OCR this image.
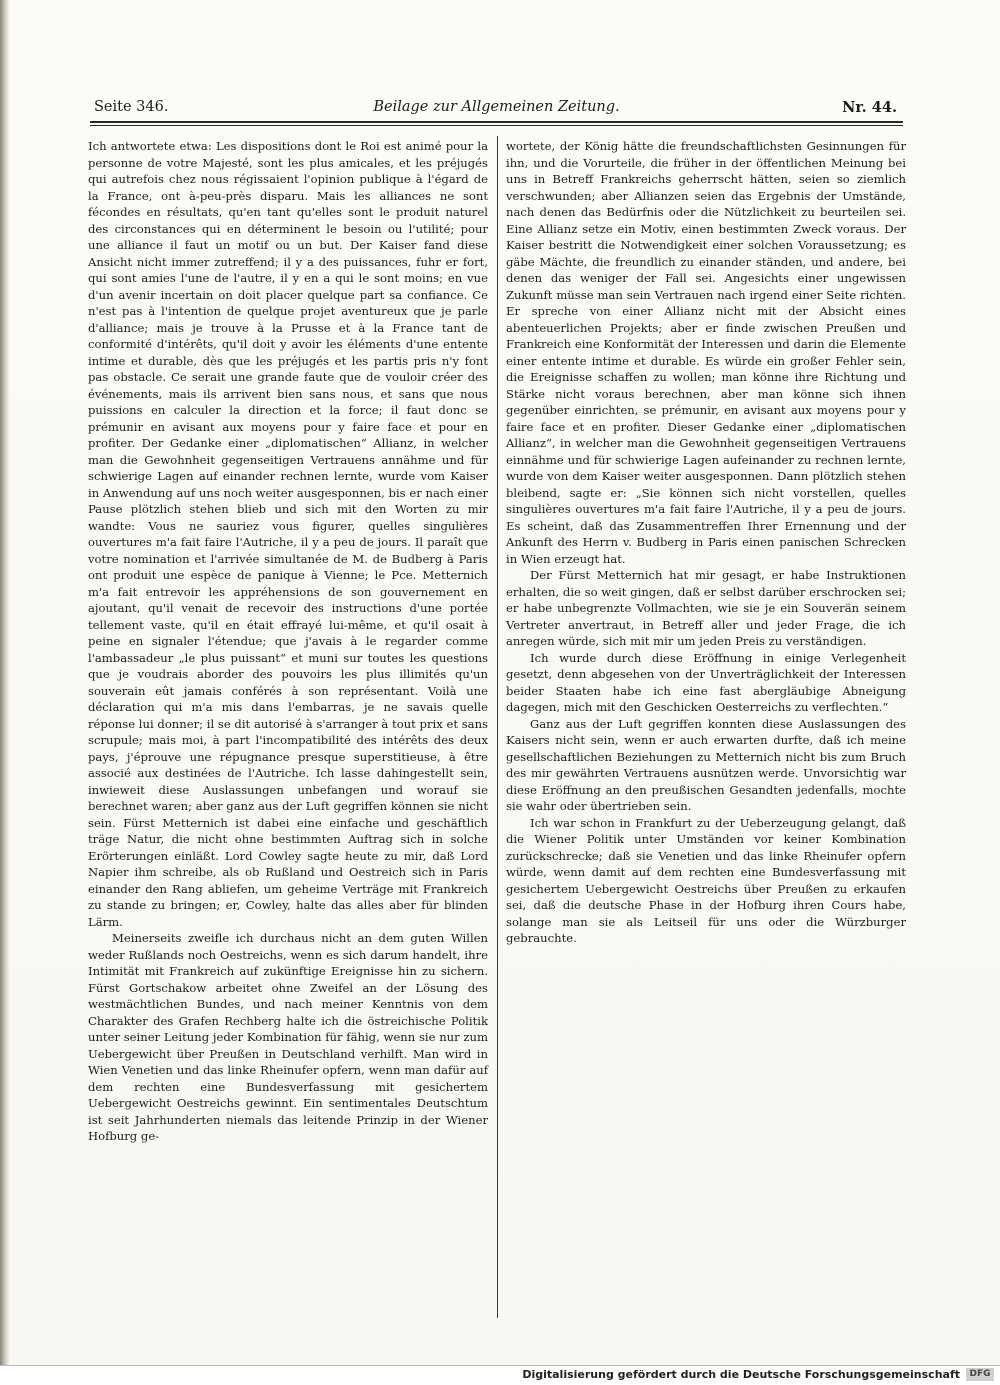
Seite 346.	Beilage zur Allgemeinen Zeitung.	Nr. 44.

Ich antwortete etwa: Les dispositions dont le Roi est animé pour la personne de votre Majesté, sont les plus amicales, et les préjugés qui autrefois chez nous régissaient l'opinion publique à l'égard de la France, ont à-peu-près disparu. Mais les alliances ne sont fécondes en résultats, qu'en tant qu'elles sont le produit naturel des circonstances qui en déterminent le besoin ou l'utilité; pour une alliance il faut un motif ou un but. Der Kaiser fand diese Ansicht nicht immer zutreffend; il y a des puissances, fuhr er fort, qui sont amies l'une de l'autre, il y en a qui le sont moins; en vue d'un avenir incertain on doit placer quelque part sa confiance. Ce n'est pas à l'intention de quelque projet aventureux que je parle d'alliance; mais je trouve à la Prusse et à la France tant de conformité d'intérêts, qu'il doit y avoir les éléments d'une entente intime et durable, dès que les préjugés et les partis pris n'y font pas obstacle. Ce serait une grande faute que de vouloir créer des événements, mais ils arrivent bien sans nous, et sans que nous puissions en calculer la direction et la force; il faut donc se prémunir en avisant aux moyens pour y faire face et pour en profiter. Der Gedanke einer „diplomatischen“ Allianz, in welcher man die Gewohnheit gegenseitigen Vertrauens annähme und für schwierige Lagen auf einander rechnen lernte, wurde vom Kaiser in Anwendung auf uns noch weiter ausgesponnen, bis er nach einer Pause plötzlich stehen blieb und sich mit den Worten zu mir wandte: Vous ne sauriez vous figurer, quelles singulières ouvertures m'a fait faire l'Autriche, il y a peu de jours. Il paraît que votre nomination et l'arrivée simultanée de M. de Budberg à Paris ont produit une espèce de panique à Vienne; le Pce. Metternich m'a fait entrevoir les appréhensions de son gouvernement en ajoutant, qu'il venait de recevoir des instructions d'une portée tellement vaste, qu'il en était effrayé lui-même, et qu'il osait à peine en signaler l'étendue; que j'avais à le regarder comme l'ambassadeur „le plus puissant“ et muni sur toutes les questions que je voudrais aborder des pouvoirs les plus illimités qu'un souverain eût jamais conférés à son représentant. Voilà une déclaration qui m'a mis dans l'embarras, je ne savais quelle réponse lui donner; il se dit autorisé à s'arranger à tout prix et sans scrupule; mais moi, à part l'incompatibilité des intérêts des deux pays, j'éprouve une répugnance presque superstitieuse, à être associé aux destinées de l'Autriche. Ich lasse dahingestellt sein, inwieweit diese Auslassungen unbefangen und worauf sie berechnet waren; aber ganz aus der Luft gegriffen können sie nicht sein. Fürst Metternich ist dabei eine einfache und geschäftlich träge Natur, die nicht ohne bestimmten Auftrag sich in solche Erörterungen einläßt. Lord Cowley sagte heute zu mir, daß Lord Napier ihm schreibe, als ob Rußland und Oestreich sich in Paris einander den Rang abliefen, um geheime Verträge mit Frankreich zu stande zu bringen; er, Cowley, halte das alles aber für blinden Lärm.

Meinerseits zweifle ich durchaus nicht an dem guten Willen weder Rußlands noch Oestreichs, wenn es sich darum handelt, ihre Intimität mit Frankreich auf zukünftige Ereignisse hin zu sichern. Fürst Gortschakow arbeitet ohne Zweifel an der Lösung des westmächtlichen Bundes, und nach meiner Kenntnis von dem Charakter des Grafen Rechberg halte ich die östreichische Politik unter seiner Leitung jeder Kombination für fähig, wenn sie nur zum Uebergewicht über Preußen in Deutschland verhilft. Man wird in Wien Venetien und das linke Rheinufer opfern, wenn man dafür auf dem rechten eine Bundesverfassung mit gesichertem Uebergewicht Oestreichs gewinnt. Ein sentimentales Deutschtum ist seit Jahrhunderten niemals das leitende Prinzip in der Wiener Hofburg ge-

wortete, der König hätte die freundschaftlichsten Gesinnungen für ihn, und die Vorurteile, die früher in der öffentlichen Meinung bei uns in Betreff Frankreichs geherrscht hätten, seien so ziemlich verschwunden; aber Allianzen seien das Ergebnis der Umstände, nach denen das Bedürfnis oder die Nützlichkeit zu beurteilen sei. Eine Allianz setze ein Motiv, einen bestimmten Zweck voraus. Der Kaiser bestritt die Notwendigkeit einer solchen Voraussetzung; es gäbe Mächte, die freundlich zu einander ständen, und andere, bei denen das weniger der Fall sei. Angesichts einer ungewissen Zukunft müsse man sein Vertrauen nach irgend einer Seite richten. Er spreche von einer Allianz nicht mit der Absicht eines abenteuerlichen Projekts; aber er finde zwischen Preußen und Frankreich eine Konformität der Interessen und darin die Elemente einer entente intime et durable. Es würde ein großer Fehler sein, die Ereignisse schaffen zu wollen; man könne ihre Richtung und Stärke nicht voraus berechnen, aber man könne sich ihnen gegenüber einrichten, se prémunir, en avisant aux moyens pour y faire face et en profiter. Dieser Gedanke einer „diplomatischen Allianz“, in welcher man die Gewohnheit gegenseitigen Vertrauens einnähme und für schwierige Lagen aufeinander zu rechnen lernte, wurde von dem Kaiser weiter ausgesponnen. Dann plötzlich stehen bleibend, sagte er: „Sie können sich nicht vorstellen, quelles singulières ouvertures m'a fait faire l'Autriche, il y a peu de jours. Es scheint, daß das Zusammentreffen Ihrer Ernennung und der Ankunft des Herrn v. Budberg in Paris einen panischen Schrecken in Wien erzeugt hat.

Der Fürst Metternich hat mir gesagt, er habe Instruktionen erhalten, die so weit gingen, daß er selbst darüber erschrocken sei; er habe unbegrenzte Vollmachten, wie sie je ein Souverän seinem Vertreter anvertraut, in Betreff aller und jeder Frage, die ich anregen würde, sich mit mir um jeden Preis zu verständigen.

Ich wurde durch diese Eröffnung in einige Verlegenheit gesetzt, denn abgesehen von der Unverträglichkeit der Interessen beider Staaten habe ich eine fast abergläubige Abneigung dagegen, mich mit den Geschicken Oesterreichs zu verflechten.“

Ganz aus der Luft gegriffen konnten diese Auslassungen des Kaisers nicht sein, wenn er auch erwarten durfte, daß ich meine gesellschaftlichen Beziehungen zu Metternich nicht bis zum Bruch des mir gewährten Vertrauens ausnützen werde. Unvorsichtig war diese Eröffnung an den preußischen Gesandten jedenfalls, mochte sie wahr oder übertrieben sein.

Ich war schon in Frankfurt zu der Ueberzeugung gelangt, daß die Wiener Politik unter Umständen vor keiner Kombination zurückschrecke; daß sie Venetien und das linke Rheinufer opfern würde, wenn damit auf dem rechten eine Bundesverfassung mit gesichertem Uebergewicht Oestreichs über Preußen zu erkaufen sei, daß die deutsche Phase in der Hofburg ihren Cours habe, solange man sie als Leitseil für uns oder die Würzburger gebrauchte.

Digitalisierung gefördert durch die Deutsche Forschungsgemeinschaft	DFG
